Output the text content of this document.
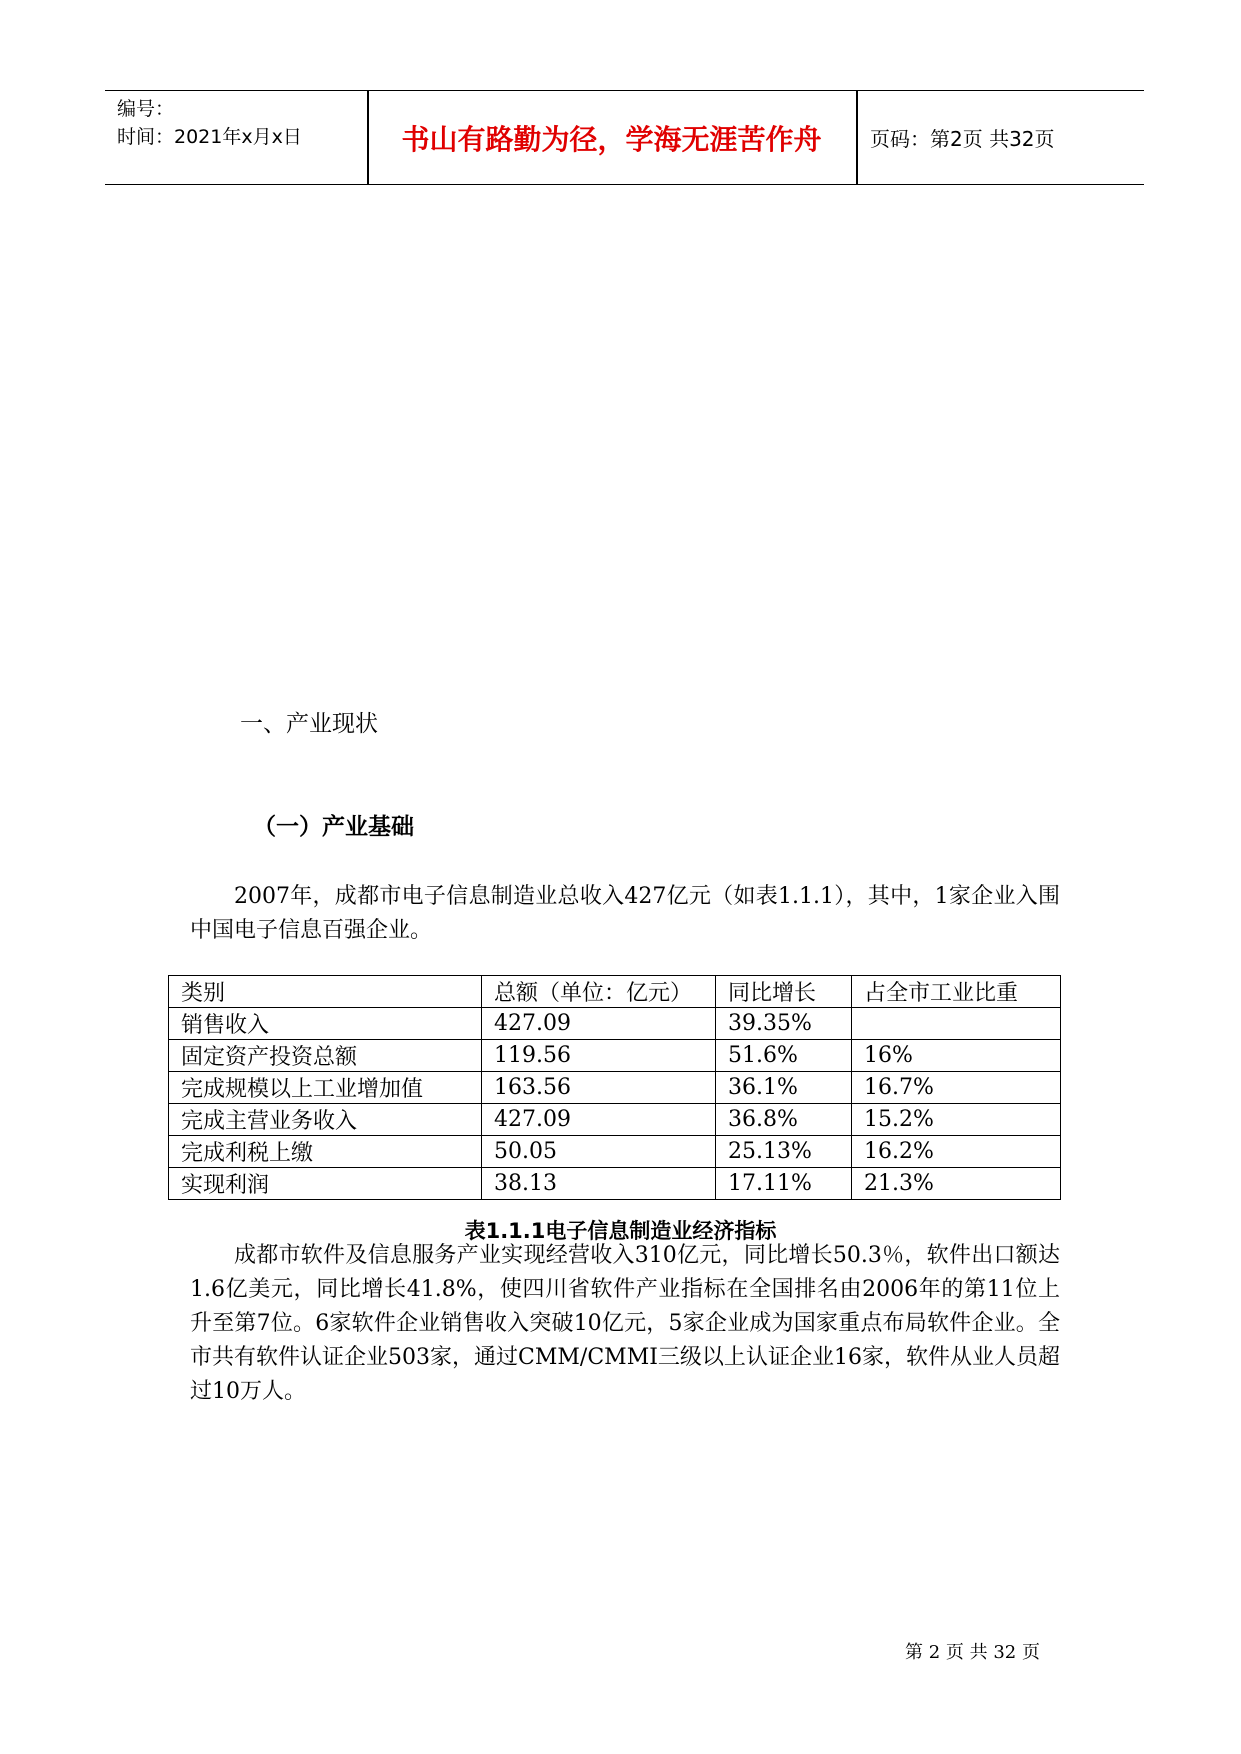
编号：
时间：2021年x月x日	书山有路勤为径，学海无涯苦作舟	页码：第2页 共32页
一、产业现状
（一）产业基础

2007年，成都市电子信息制造业总收入427亿元（如表1.1.1），其中，1家企业入围中国电子信息百强企业。

类别	总额（单位：亿元）	同比增长	占全市工业比重
销售收入	427.09	39.35%	
固定资产投资总额	119.56	51.6%	16%
完成规模以上工业增加值	163.56	36.1%	16.7%
完成主营业务收入	427.09	36.8%	15.2%
完成利税上缴	50.05	25.13%	16.2%
实现利润	38.13	17.11%	21.3%
表1.1.1电子信息制造业经济指标

成都市软件及信息服务产业实现经营收入310亿元，同比增长50.3％，软件出口额达1.6亿美元，同比增长41.8%，使四川省软件产业指标在全国排名由2006年的第11位上升至第7位。6家软件企业销售收入突破10亿元，5家企业成为国家重点布局软件企业。全市共有软件认证企业503家，通过CMM/CMMI三级以上认证企业16家，软件从业人员超过10万人。

第 2 页 共 32 页
